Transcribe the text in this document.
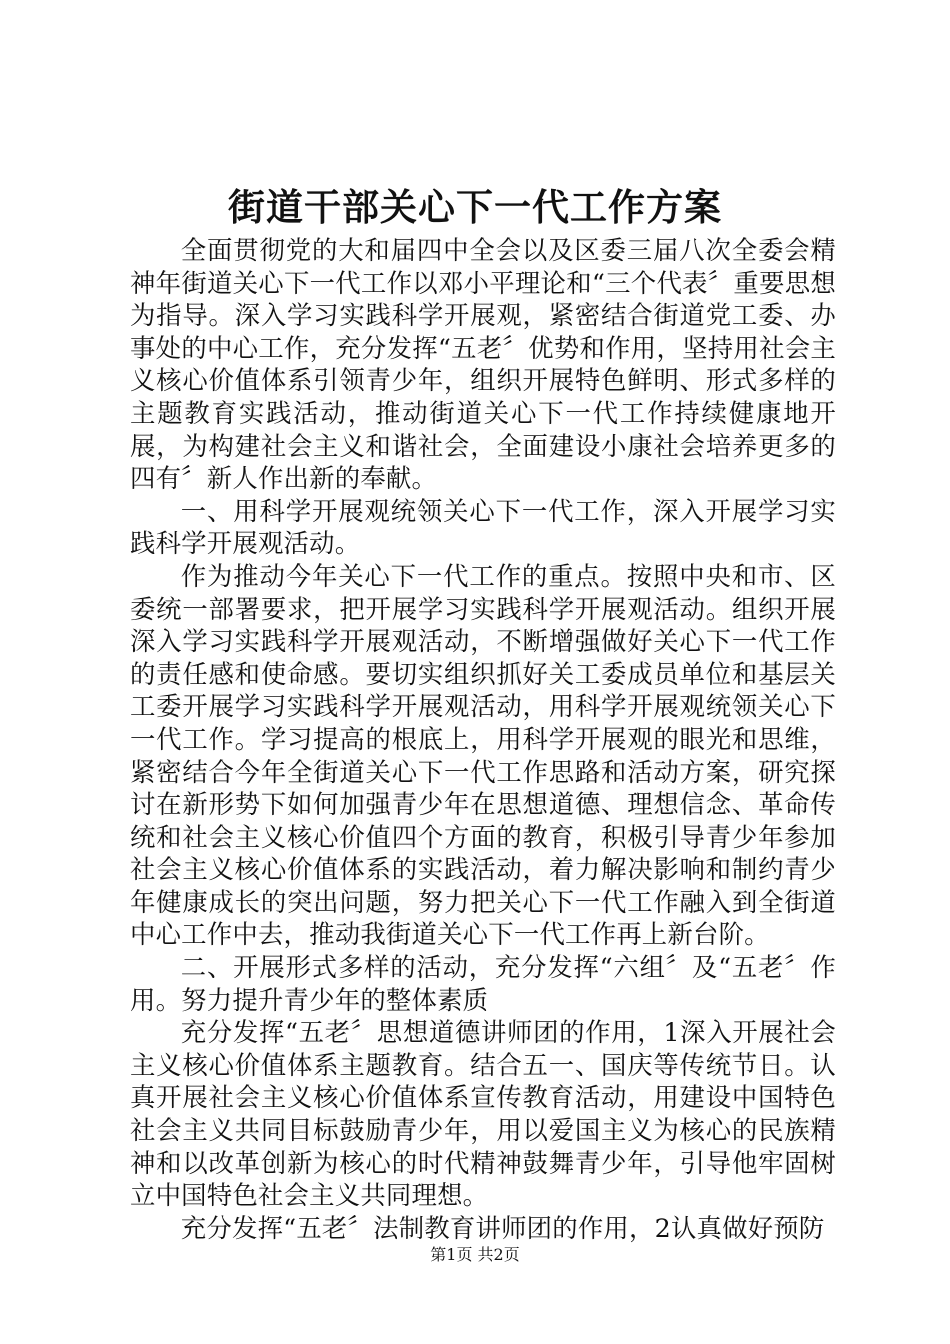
街道干部关心下一代工作方案

全面贯彻党的大和届四中全会以及区委三届八次全委会精神年街道关心下一代工作以邓小平理论和“三个代表〞重要思想为指导。深入学习实践科学开展观，紧密结合街道党工委、办事处的中心工作，充分发挥“五老〞优势和作用，坚持用社会主义核心价值体系引领青少年，组织开展特色鲜明、形式多样的主题教育实践活动，推动街道关心下一代工作持续健康地开展，为构建社会主义和谐社会，全面建设小康社会培养更多的四有〞新人作出新的奉献。

一、用科学开展观统领关心下一代工作，深入开展学习实践科学开展观活动。

作为推动今年关心下一代工作的重点。按照中央和市、区委统一部署要求，把开展学习实践科学开展观活动。组织开展深入学习实践科学开展观活动，不断增强做好关心下一代工作的责任感和使命感。要切实组织抓好关工委成员单位和基层关工委开展学习实践科学开展观活动，用科学开展观统领关心下一代工作。学习提高的根底上，用科学开展观的眼光和思维，紧密结合今年全街道关心下一代工作思路和活动方案，研究探讨在新形势下如何加强青少年在思想道德、理想信念、革命传统和社会主义核心价值四个方面的教育，积极引导青少年参加社会主义核心价值体系的实践活动，着力解决影响和制约青少年健康成长的突出问题，努力把关心下一代工作融入到全街道中心工作中去，推动我街道关心下一代工作再上新台阶。

二、开展形式多样的活动，充分发挥“六组〞及“五老〞作用。努力提升青少年的整体素质

充分发挥“五老〞思想道德讲师团的作用，1深入开展社会主义核心价值体系主题教育。结合五一、国庆等传统节日。认真开展社会主义核心价值体系宣传教育活动，用建设中国特色社会主义共同目标鼓励青少年，用以爱国主义为核心的民族精神和以改革创新为核心的时代精神鼓舞青少年，引导他牢固树立中国特色社会主义共同理想。

充分发挥“五老〞法制教育讲师团的作用，2认真做好预防

第1页 共2页
